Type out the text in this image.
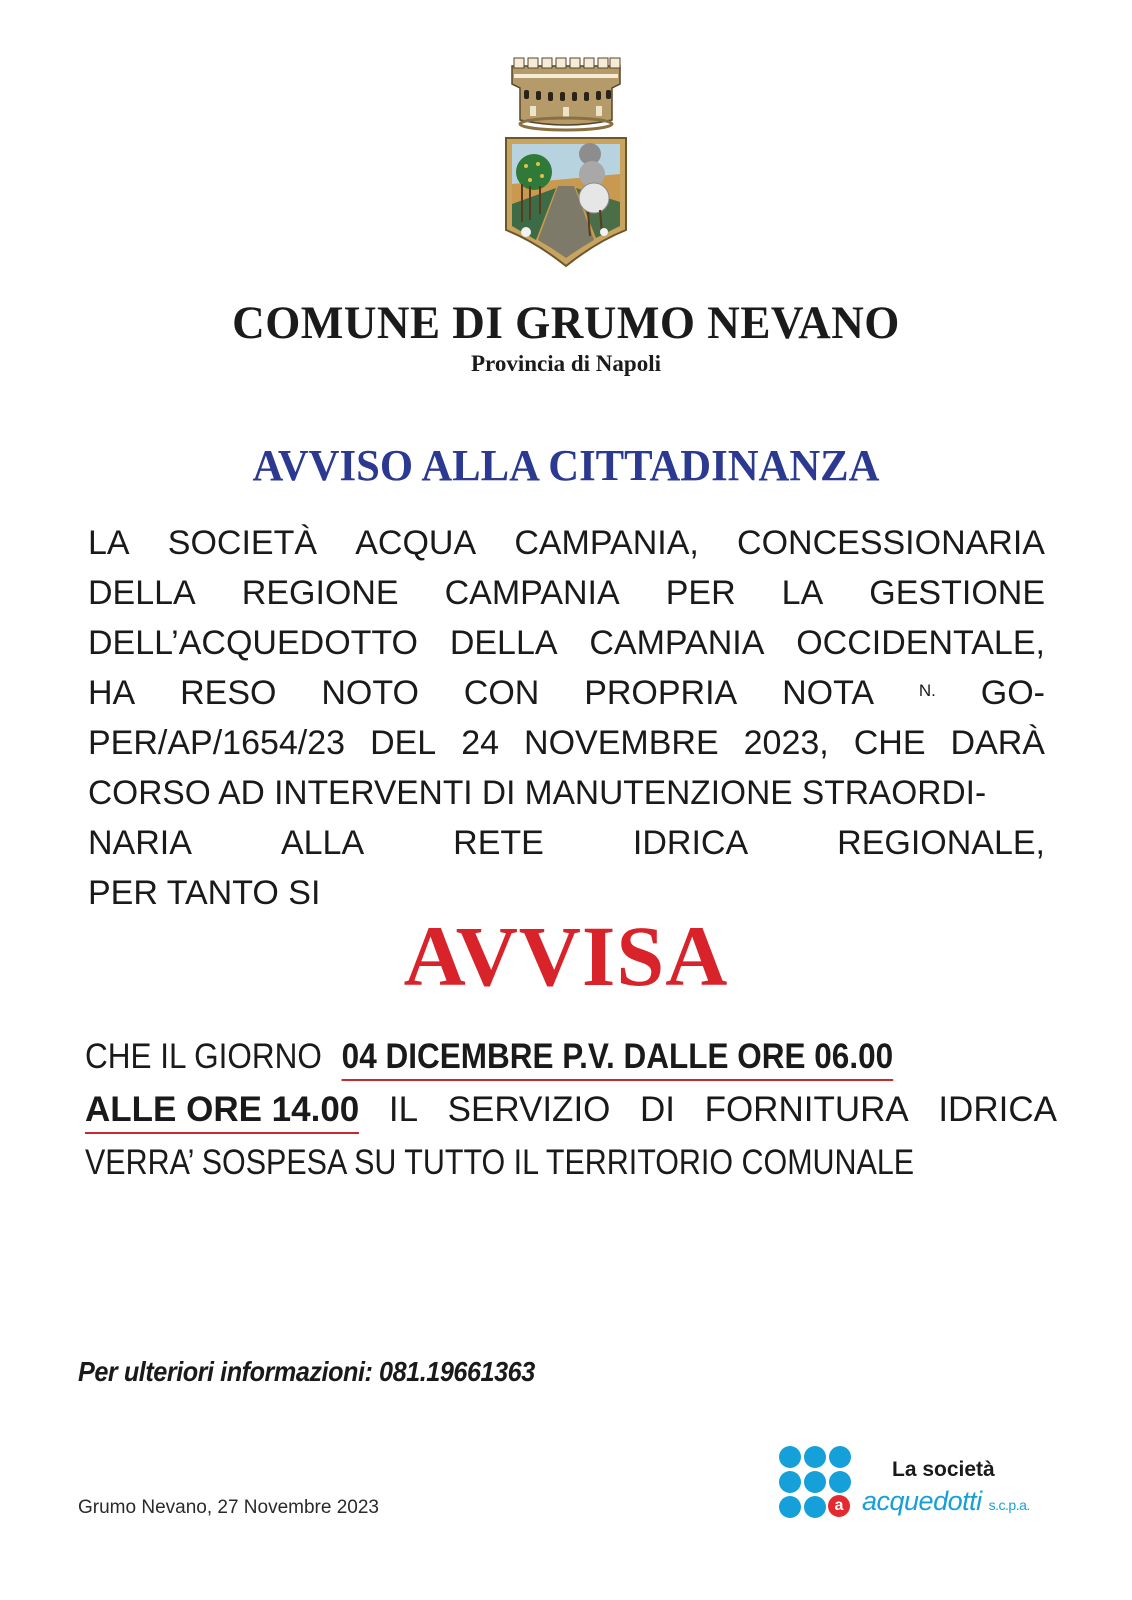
COMUNE DI GRUMO NEVANO
Provincia di Napoli
AVVISO ALLA CITTADINANZA
LA SOCIETÀ ACQUA CAMPANIA, CONCESSIONARIA
DELLA REGIONE CAMPANIA PER LA GESTIONE
DELL’ACQUEDOTTO DELLA CAMPANIA OCCIDENTALE,
HA RESO NOTO CON PROPRIA NOTA	N. GO-
PER/AP/1654/23 DEL 24 NOVEMBRE 2023, CHE DARÀ
CORSO AD INTERVENTI DI MANUTENZIONE STRAORDI-
NARIA	ALLA	RETE	IDRICA	REGIONALE,
PER TANTO SI
AVVISA
CHE IL GIORNO 04 DICEMBRE P.V. DALLE ORE 06.00
ALLE ORE 14.00 IL SERVIZIO DI FORNITURA IDRICA
VERRA’ SOSPESA SU TUTTO IL TERRITORIO COMUNALE
Per ulteriori informazioni: 081.19661363
Grumo Nevano, 27 Novembre 2023	a
La società
acquedotti s.c.p.a.
